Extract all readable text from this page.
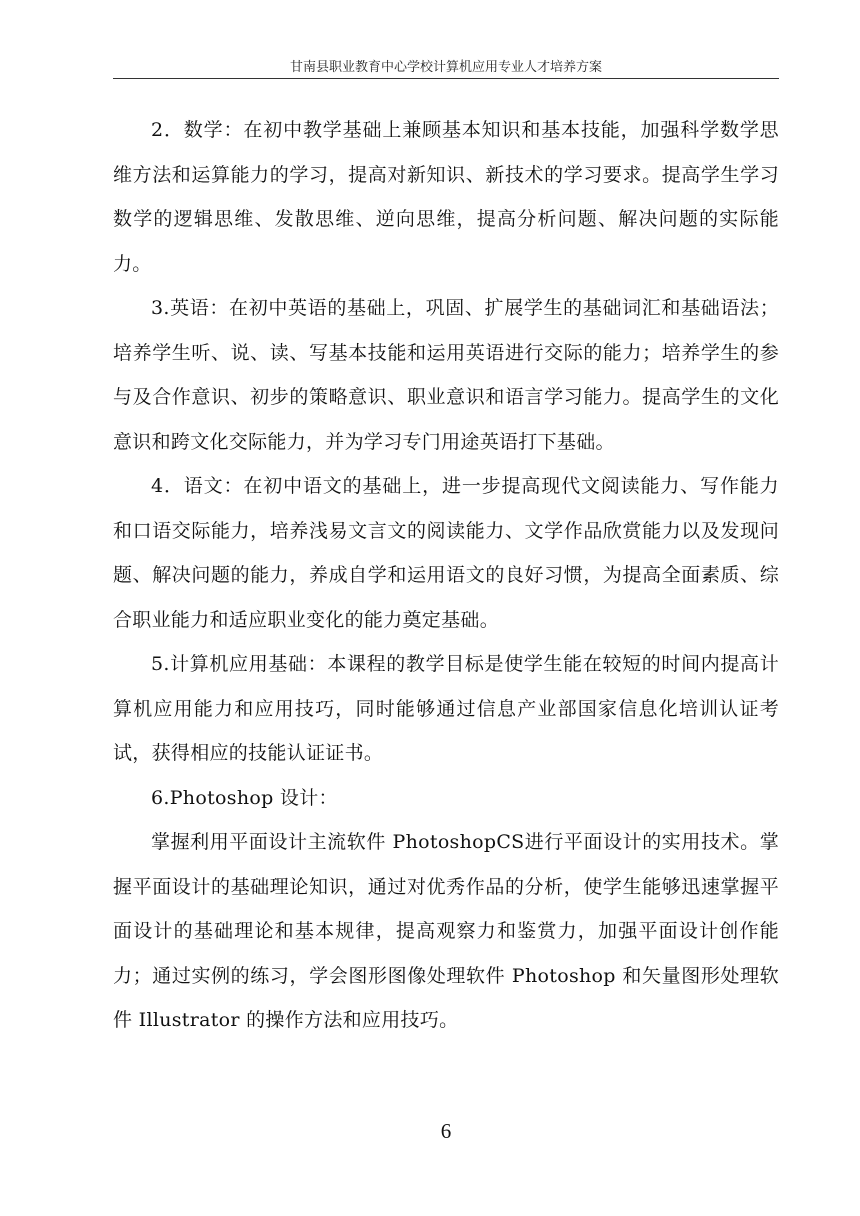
甘南县职业教育中心学校计算机应用专业人才培养方案

2．数学：在初中教学基础上兼顾基本知识和基本技能，加强科学数学思维方法和运算能力的学习，提高对新知识、新技术的学习要求。提高学生学习数学的逻辑思维、发散思维、逆向思维，提高分析问题、解决问题的实际能力。

3.英语：在初中英语的基础上，巩固、扩展学生的基础词汇和基础语法；培养学生听、说、读、写基本技能和运用英语进行交际的能力；培养学生的参与及合作意识、初步的策略意识、职业意识和语言学习能力。提高学生的文化意识和跨文化交际能力，并为学习专门用途英语打下基础。

4．语文：在初中语文的基础上，进一步提高现代文阅读能力、写作能力和口语交际能力，培养浅易文言文的阅读能力、文学作品欣赏能力以及发现问题、解决问题的能力，养成自学和运用语文的良好习惯，为提高全面素质、综合职业能力和适应职业变化的能力奠定基础。

5.计算机应用基础：本课程的教学目标是使学生能在较短的时间内提高计算机应用能力和应用技巧，同时能够通过信息产业部国家信息化培训认证考试，获得相应的技能认证证书。

6.Photoshop 设计：

掌握利用平面设计主流软件 PhotoshopCS进行平面设计的实用技术。掌握平面设计的基础理论知识，通过对优秀作品的分析，使学生能够迅速掌握平面设计的基础理论和基本规律，提高观察力和鉴赏力，加强平面设计创作能力；通过实例的练习，学会图形图像处理软件 Photoshop 和矢量图形处理软件 Illustrator 的操作方法和应用技巧。

6
